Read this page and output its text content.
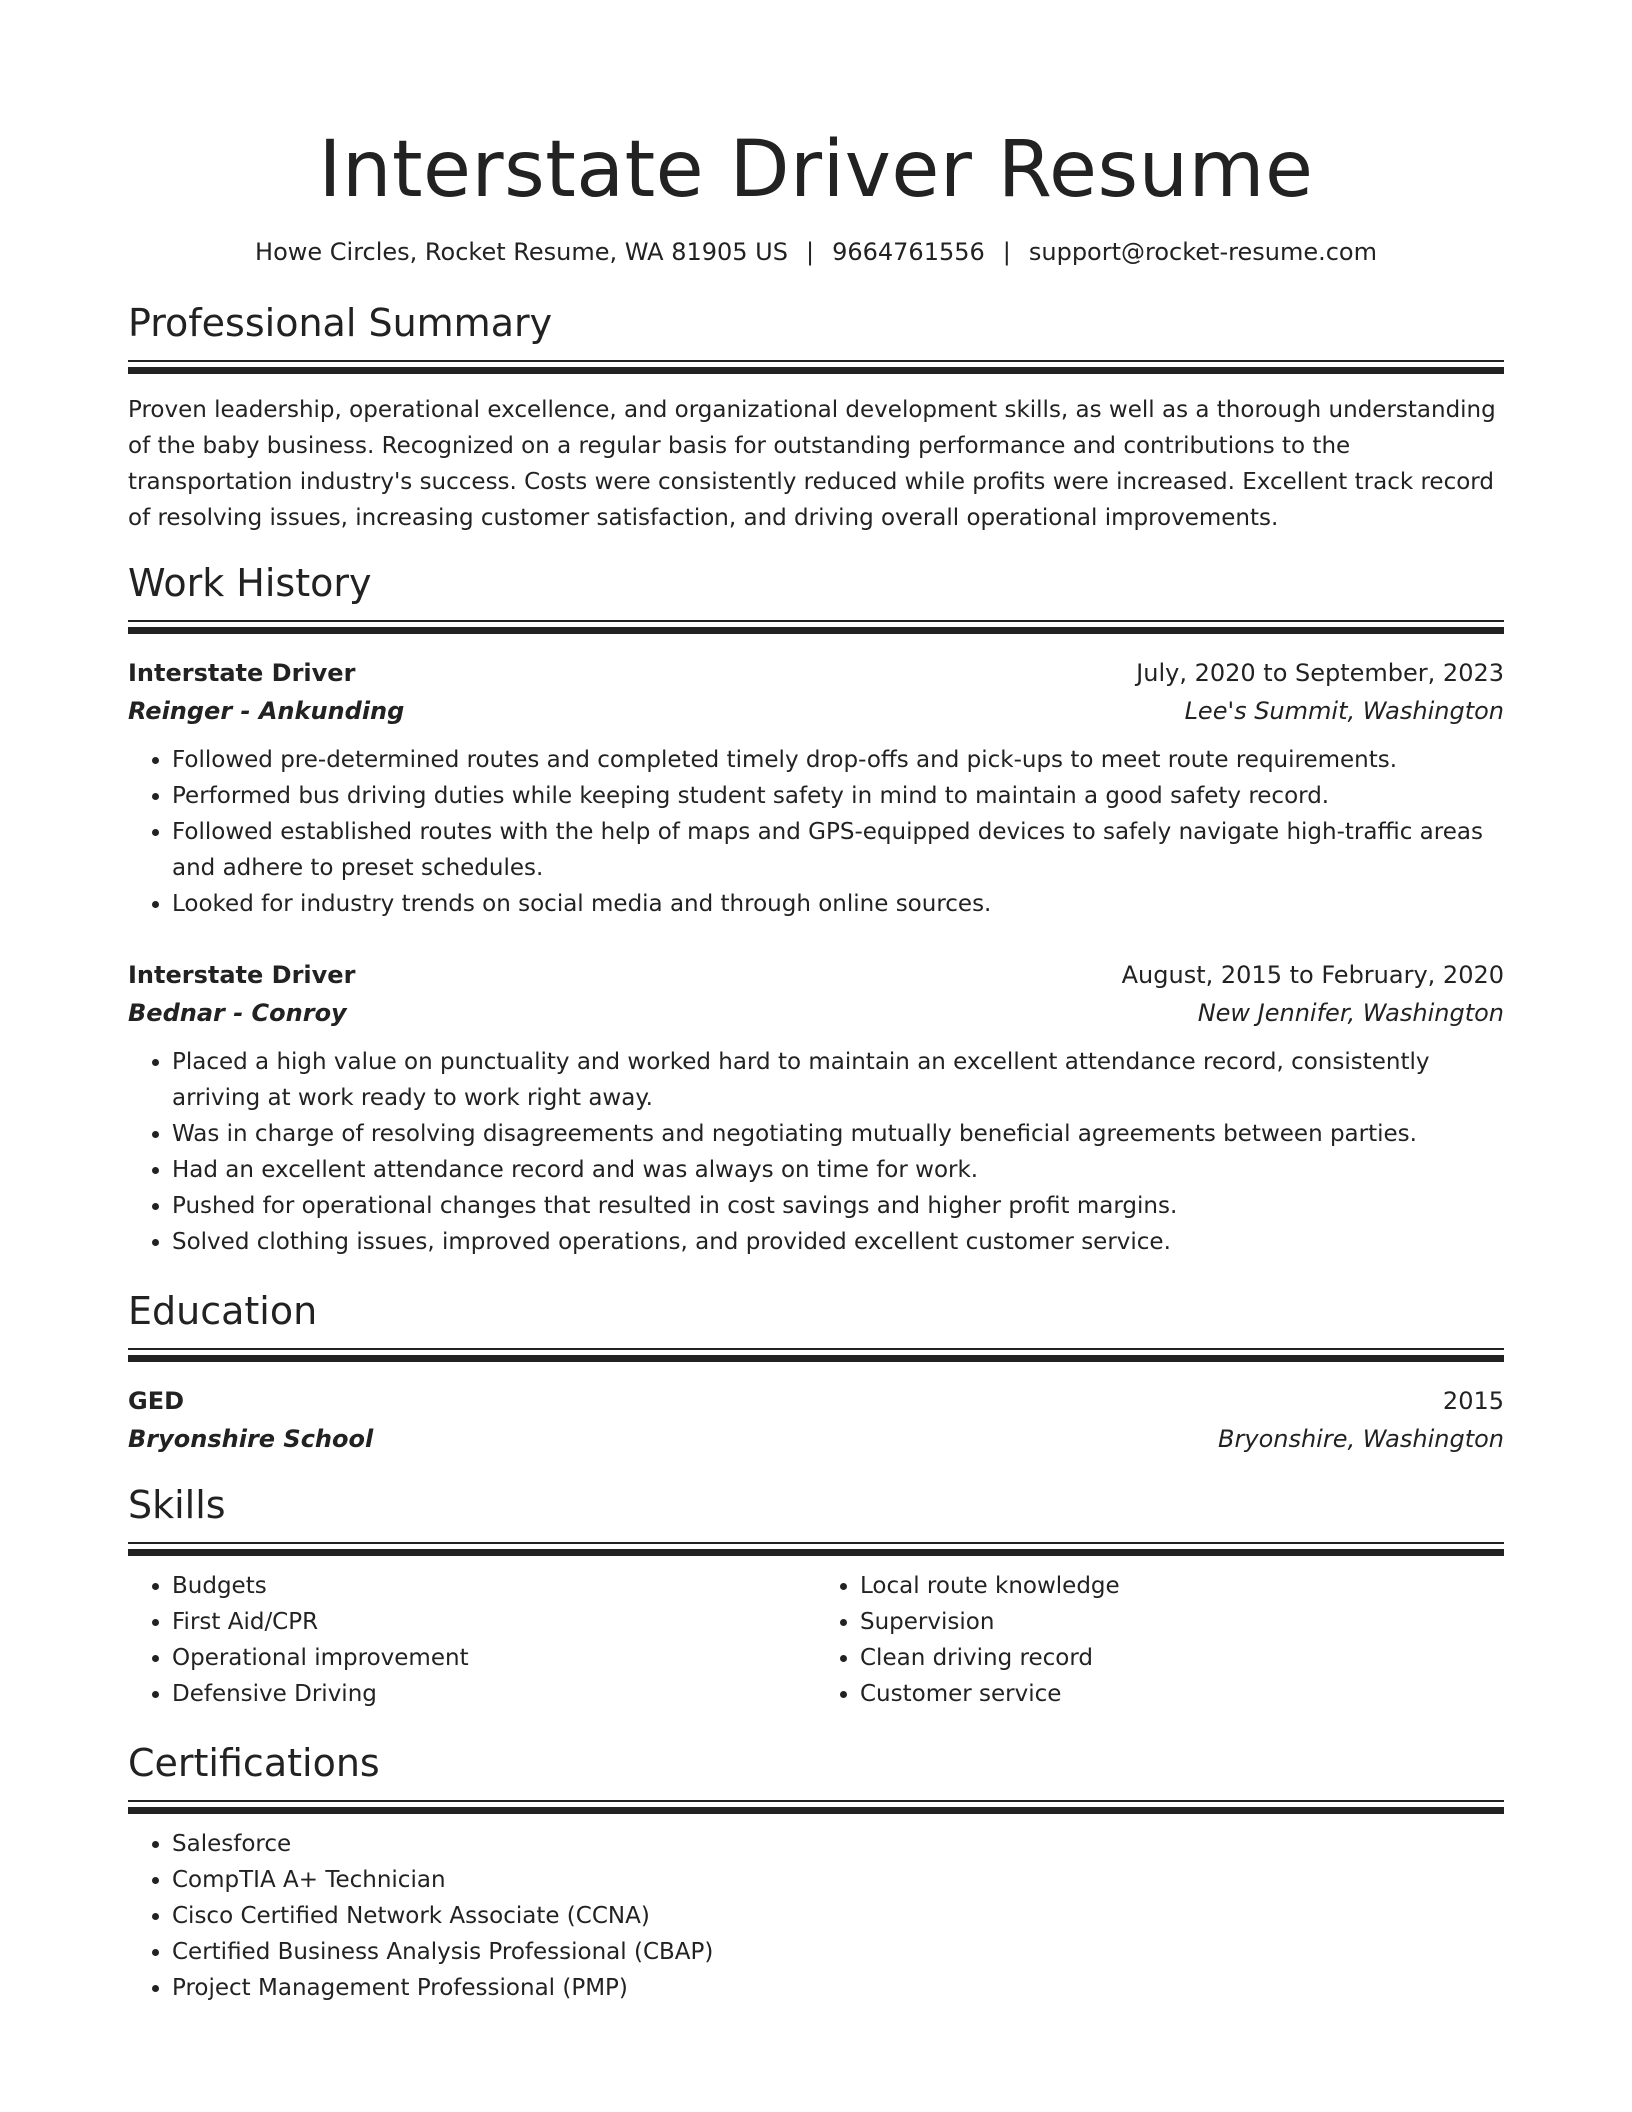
Interstate Driver Resume
Howe Circles, Rocket Resume, WA 81905 US | 9664761556 | support@rocket-resume.com
Professional Summary

Proven leadership, operational excellence, and organizational development skills, as well as a thorough understanding of the baby business. Recognized on a regular basis for outstanding performance and contributions to the transportation industry's success. Costs were consistently reduced while profits were increased. Excellent track record of resolving issues, increasing customer satisfaction, and driving overall operational improvements.

Work History
Interstate Driver	July, 2020 to September, 2023
Reinger - Ankunding	Lee's Summit, Washington
• Followed pre-determined routes and completed timely drop-offs and pick-ups to meet route requirements.
• Performed bus driving duties while keeping student safety in mind to maintain a good safety record.
• Followed established routes with the help of maps and GPS-equipped devices to safely navigate high-traffic areas and adhere to preset schedules.
• Looked for industry trends on social media and through online sources.
Interstate Driver	August, 2015 to February, 2020
Bednar - Conroy	New Jennifer, Washington
• Placed a high value on punctuality and worked hard to maintain an excellent attendance record, consistently arriving at work ready to work right away.
• Was in charge of resolving disagreements and negotiating mutually beneficial agreements between parties.
• Had an excellent attendance record and was always on time for work.
• Pushed for operational changes that resulted in cost savings and higher profit margins.
• Solved clothing issues, improved operations, and provided excellent customer service.
Education
GED	2015
Bryonshire School	Bryonshire, Washington
Skills
• Budgets
• First Aid/CPR
• Operational improvement
• Defensive Driving
• Local route knowledge
• Supervision
• Clean driving record
• Customer service
Certifications
• Salesforce
• CompTIA A+ Technician
• Cisco Certified Network Associate (CCNA)
• Certified Business Analysis Professional (CBAP)
• Project Management Professional (PMP)
